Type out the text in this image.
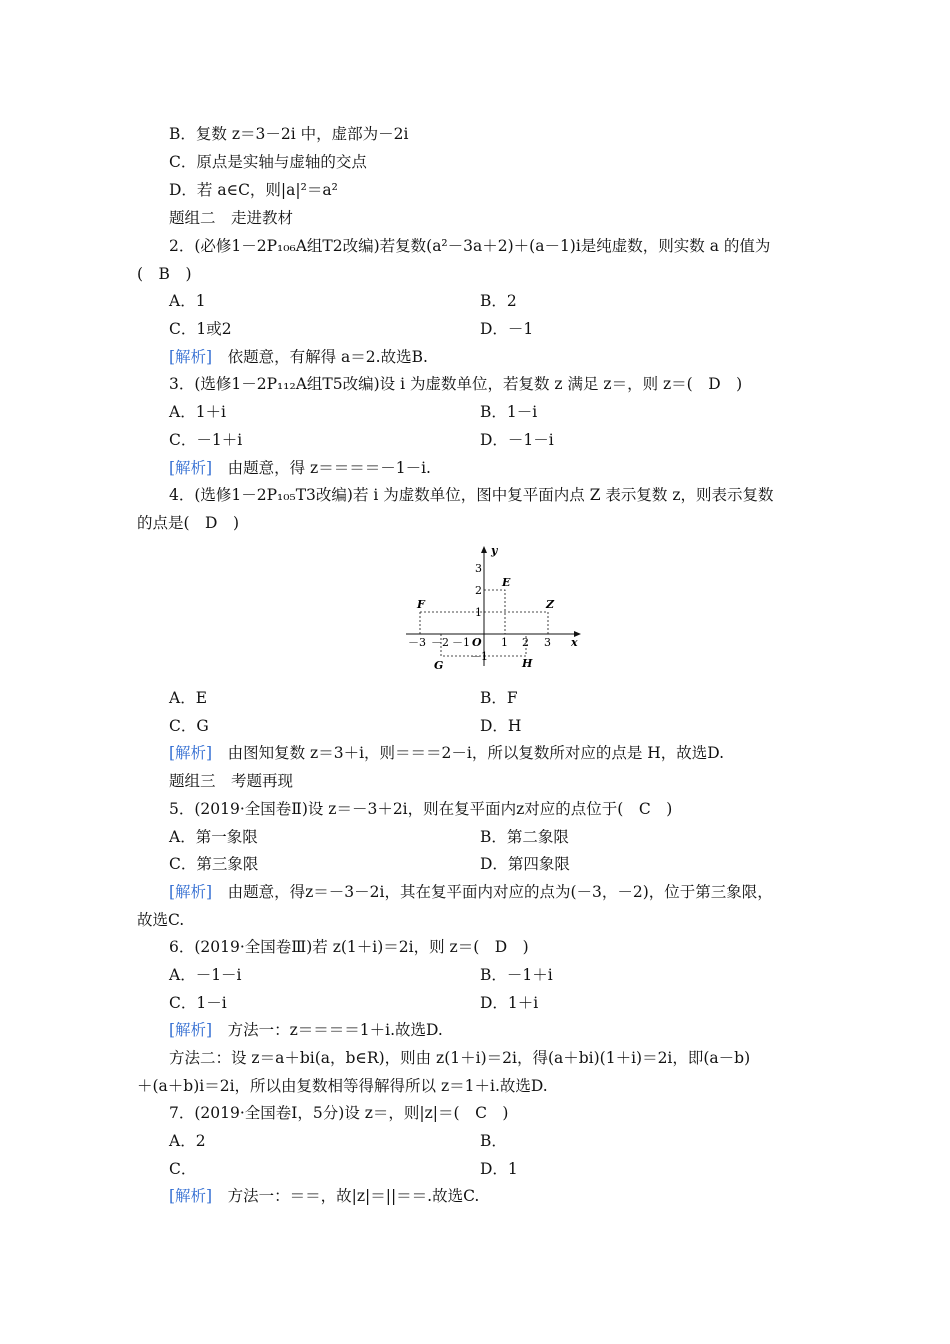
B．复数 z＝3－2i 中，虚部为－2i
C．原点是实轴与虚轴的交点
D．若 a∈C，则|a|²＝a²
题组二　走进教材
2．(必修1－2P₁₀₆A组T2改编)若复数(a²－3a＋2)＋(a－1)i是纯虚数，则实数 a 的值为
(　B　)
A．1	B．2
C．1或2	D．－1
[解析]　 依题意，有解得 a＝2.故选B.
3．(选修1－2P₁₁₂A组T5改编)设 i 为虚数单位，若复数 z 满足 z＝，则 z＝(　D　)
A．1＋i	B．1－i
C．－1＋i	D．－1－i
[解析]　 由题意，得 z＝＝＝＝－1－i.
4．(选修1－2P₁₀₅T3改编)若 i 为虚数单位，图中复平面内点 Z 表示复数 z，则表示复数
的点是(　D　)
y
x
O
－3 －2 －1	1 2 3
3
2
1
－1
E
F	Z
G	H
A．E	B．F
C．G	D．H
[解析]　 由图知复数 z＝3＋i，则＝＝＝2－i，所以复数所对应的点是 H，故选D.
题组三　考题再现
5．(2019·全国卷Ⅱ)设 z＝－3＋2i，则在复平面内z对应的点位于(　C　)
A．第一象限	B．第二象限
C．第三象限	D．第四象限
[解析]　 由题意，得z＝－3－2i，其在复平面内对应的点为(－3，－2)，位于第三象限，
故选C.
6．(2019·全国卷Ⅲ)若 z(1＋i)＝2i，则 z＝(　D　)
A．－1－i	B．－1＋i
C．1－i	D．1＋i
[解析]　 方法一：z＝＝＝＝1＋i.故选D.
方法二：设 z＝a＋bi(a，b∈R)，则由 z(1＋i)＝2i，得(a＋bi)(1＋i)＝2i，即(a－b)
＋(a＋b)i＝2i，所以由复数相等得解得所以 z＝1＋i.故选D.
7．(2019·全国卷Ⅰ，5分)设 z＝，则|z|＝(　C　)
A．2	B．
C．	D．1
[解析]　 方法一：＝＝，故|z|＝||＝＝.故选C.
